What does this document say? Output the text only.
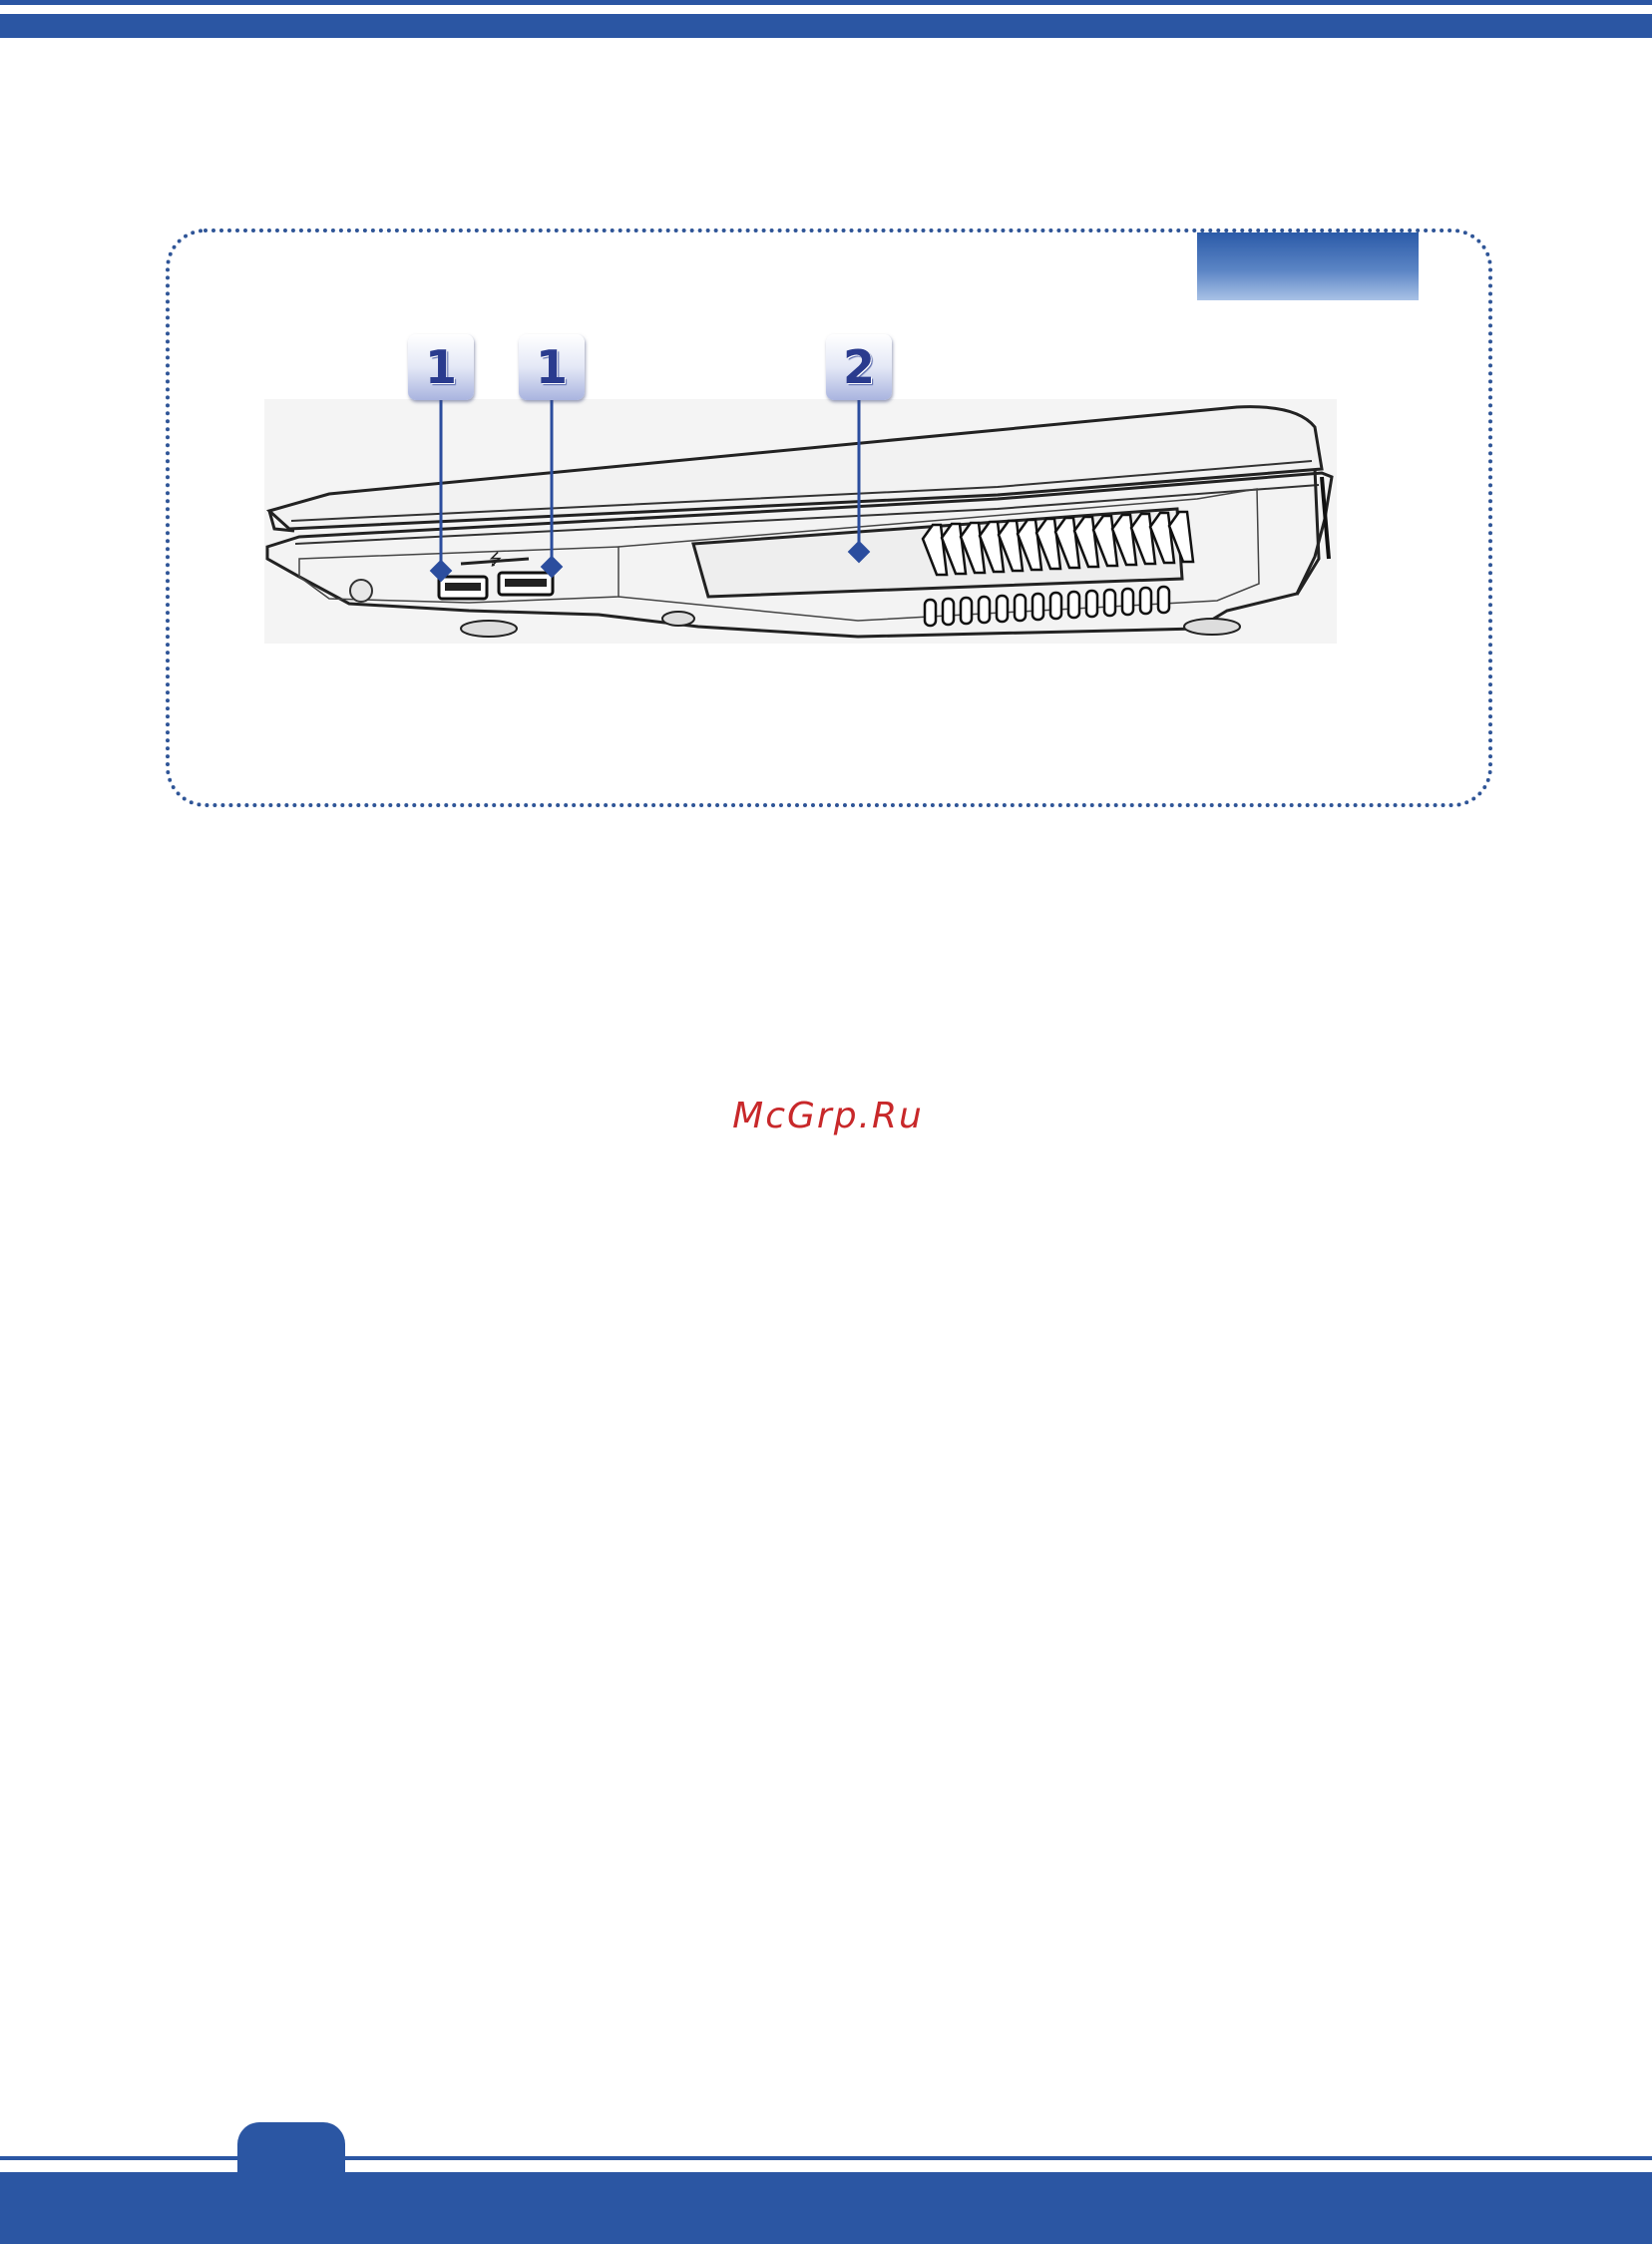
⭍
1	1	2
McGrp.Ru
